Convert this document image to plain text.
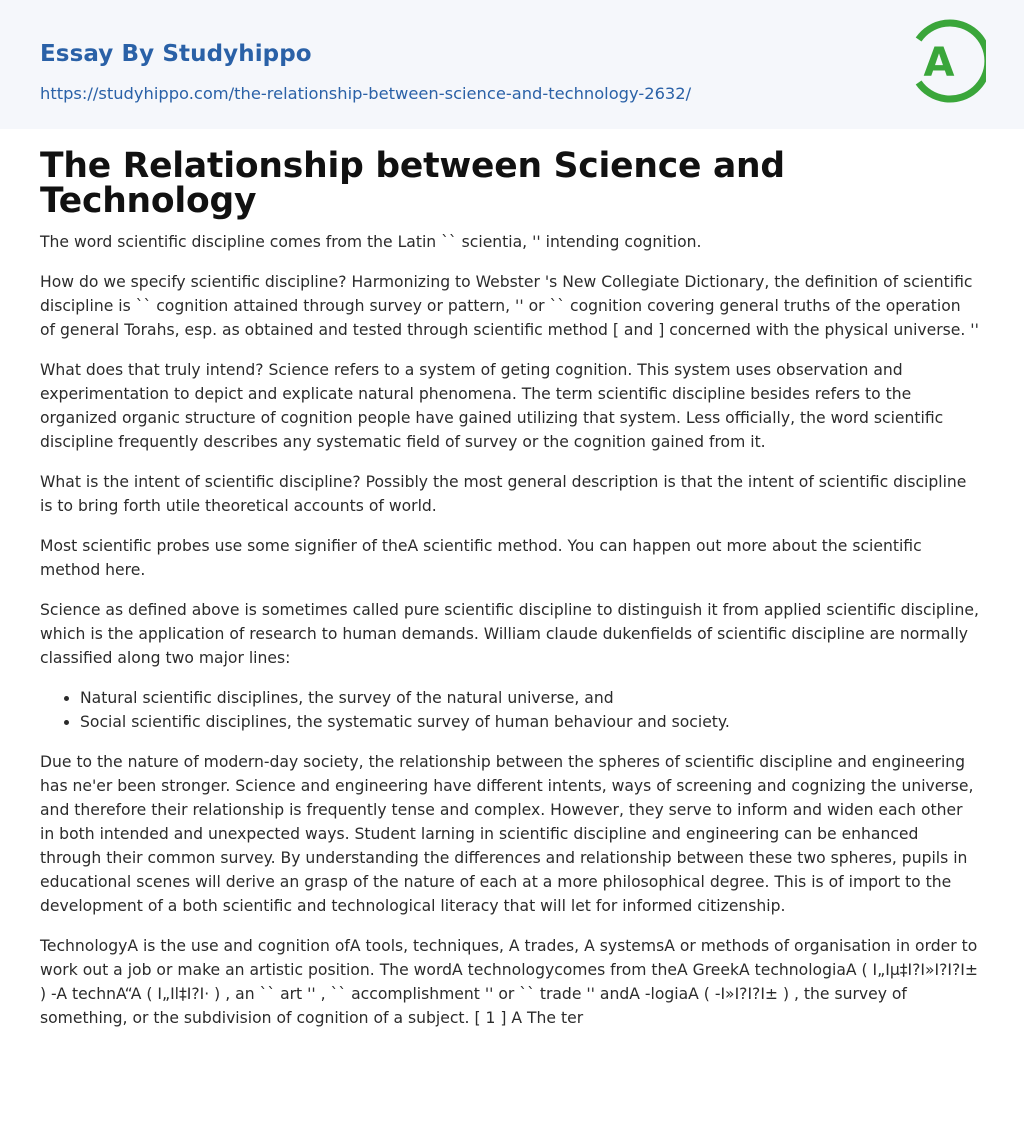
Essay By Studyhippo
https://studyhippo.com/the-relationship-between-science-and-technology-2632/
A
The Relationship between Science and Technology

The word scientific discipline comes from the Latin `` scientia, '' intending cognition.

How do we specify scientific discipline? Harmonizing to Webster 's New Collegiate Dictionary, the definition of scientific discipline is `` cognition attained through survey or pattern, '' or `` cognition covering general truths of the operation of general Torahs, esp. as obtained and tested through scientific method [ and ] concerned with the physical universe. ''

What does that truly intend? Science refers to a system of geting cognition. This system uses observation and experimentation to depict and explicate natural phenomena. The term scientific discipline besides refers to the organized organic structure of cognition people have gained utilizing that system. Less officially, the word scientific discipline frequently describes any systematic field of survey or the cognition gained from it.

What is the intent of scientific discipline? Possibly the most general description is that the intent of scientific discipline is to bring forth utile theoretical accounts of world.

Most scientific probes use some signifier of theA scientific method. You can happen out more about the scientific method here.

Science as defined above is sometimes called pure scientific discipline to distinguish it from applied scientific discipline, which is the application of research to human demands. William claude dukenfields of scientific discipline are normally classified along two major lines:

• Natural scientific disciplines, the survey of the natural universe, and
• Social scientific disciplines, the systematic survey of human behaviour and society.

Due to the nature of modern-day society, the relationship between the spheres of scientific discipline and engineering has ne'er been stronger. Science and engineering have different intents, ways of screening and cognizing the universe, and therefore their relationship is frequently tense and complex. However, they serve to inform and widen each other in both intended and unexpected ways. Student larning in scientific discipline and engineering can be enhanced through their common survey. By understanding the differences and relationship between these two spheres, pupils in educational scenes will derive an grasp of the nature of each at a more philosophical degree. This is of import to the development of a both scientific and technological literacy that will let for informed citizenship.

TechnologyA is the use and cognition ofA tools, techniques, A trades, A systemsA or methods of organisation in order to work out a job or make an artistic position. The wordA technologycomes from theA GreekA technologiaA ( Ι„Ιμ‡Ι?Ι»Ι?Ι?Ι± ) -A technA“A ( Ι„Ιl‡Ι?Ι· ) , an `` art '' , `` accomplishment '' or `` trade '' andA -logiaA ( -Ι»Ι?Ι?Ι± ) , the survey of something, or the subdivision of cognition of a subject. [ 1 ] A The ter
